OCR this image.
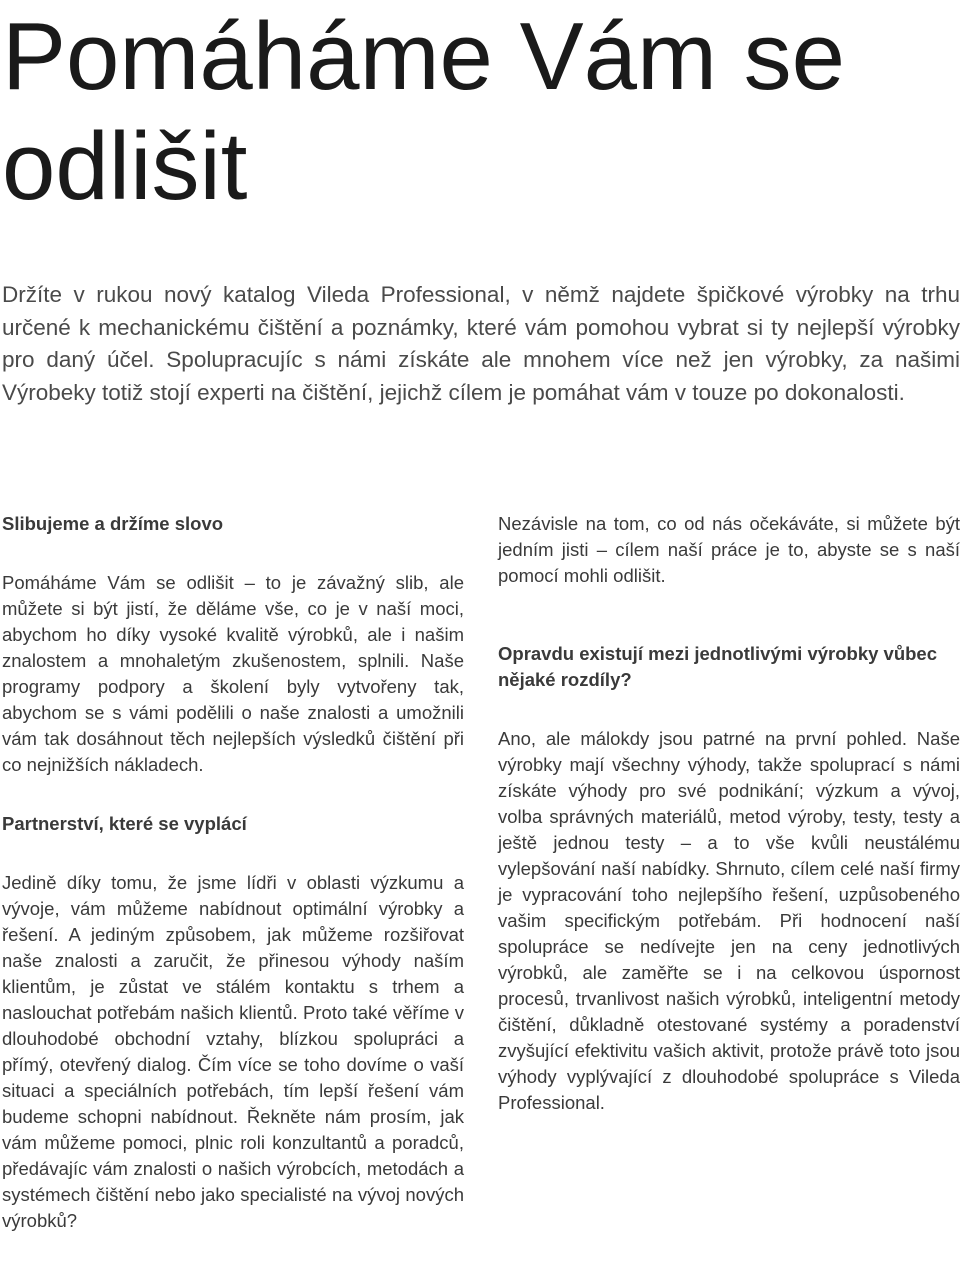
Pomáháme Vám se odlišit

Držíte v rukou nový katalog Vileda Professional, v němž najdete špičkové výrobky na trhu určené k mechanickému čištění a poznámky, které vám pomohou vybrat si ty nejlepší výrobky pro daný účel. Spolupracujíc s námi získáte ale mnohem více než jen výrobky, za našimi Výrobeky totiž stojí experti na čištění, jejichž cílem je pomáhat vám v touze po dokonalosti.

Slibujeme a držíme slovo

Pomáháme Vám se odlišit – to je závažný slib, ale můžete si být jistí, že děláme vše, co je v naší moci, abychom ho díky vysoké kvalitě výrobků, ale i našim znalostem a mnohaletým zkušenostem, splnili. Naše programy podpory a školení byly vytvořeny tak, abychom se s vámi podělili o naše znalosti a umožnili vám tak dosáhnout těch nejlepších výsledků čištění při co nejnižších nákladech.

Partnerství, které se vyplácí

Jedině díky tomu, že jsme lídři v oblasti výzkumu a vývoje, vám můžeme nabídnout optimální výrobky a řešení. A jediným způsobem, jak můžeme rozšiřovat naše znalosti a zaručit, že přinesou výhody naším klientům, je zůstat ve stálém kontaktu s trhem a naslouchat potřebám našich klientů. Proto také věříme v dlouhodobé obchodní vztahy, blízkou spolupráci a přímý, otevřený dialog. Čím více se toho dovíme o vaší situaci a speciálních potřebách, tím lepší řešení vám budeme schopni nabídnout. Řekněte nám prosím, jak vám můžeme pomoci, plnic roli konzultantů a poradců, předávajíc vám znalosti o našich výrobcích, metodách a systémech čištění nebo jako specialisté na vývoj nových výrobků?

Nezávisle na tom, co od nás očekáváte, si můžete být jedním jisti – cílem naší práce je to, abyste se s naší pomocí mohli odlišit.

Opravdu existují mezi jednotlivými výrobky vůbec nějaké rozdíly?

Ano, ale málokdy jsou patrné na první pohled. Naše výrobky mají všechny výhody, takže spoluprací s námi získáte výhody pro své podnikání; výzkum a vývoj, volba správných materiálů, metod výroby, testy, testy a ještě jednou testy – a to vše kvůli neustálému vylepšování naší nabídky. Shrnuto, cílem celé naší firmy je vypracování toho nejlepšího řešení, uzpůsobeného vašim specifickým potřebám. Při hodnocení naší spolupráce se nedívejte jen na ceny jednotlivých výrobků, ale zaměřte se i na celkovou úspornost procesů, trvanlivost našich výrobků, inteligentní metody čištění, důkladně otestované systémy a poradenství zvyšující efektivitu vašich aktivit, protože právě toto jsou výhody vyplývající z dlouhodobé spolupráce s Vileda Professional.
